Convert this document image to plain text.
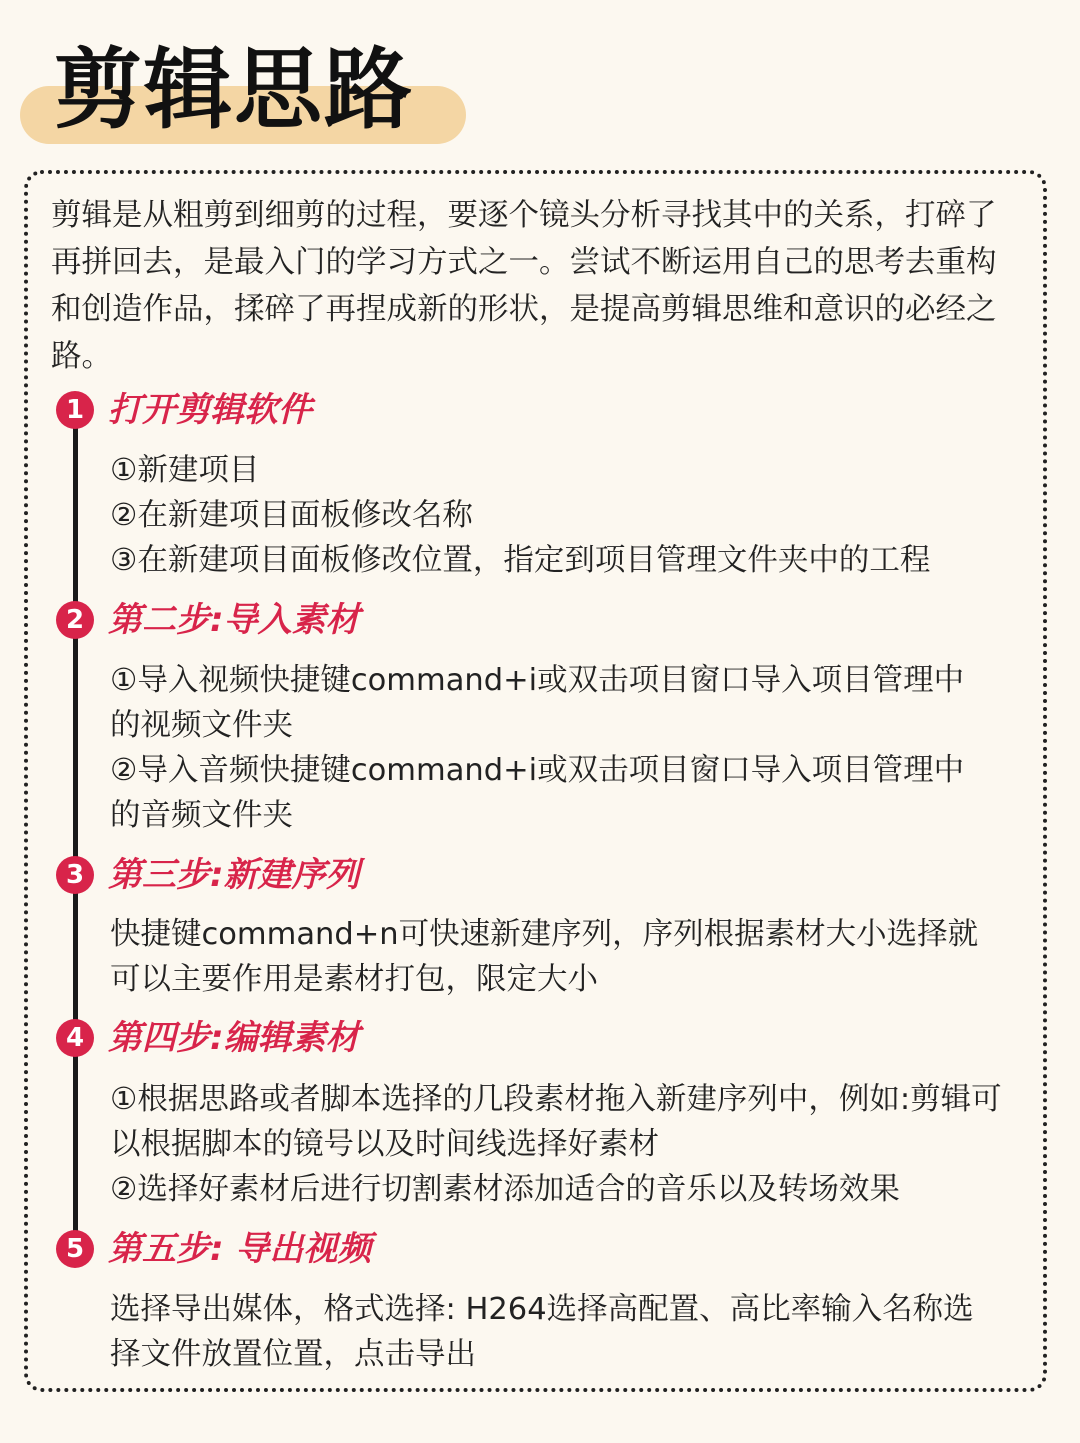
剪辑思路

剪辑是从粗剪到细剪的过程，要逐个镜头分析寻找其中的关系，打碎了再拼回去，是最入门的学习方式之一。尝试不断运用自己的思考去重构和创造作品，揉碎了再捏成新的形状，是提高剪辑思维和意识的必经之路。

1 打开剪辑软件
①新建项目
②在新建项目面板修改名称
③在新建项目面板修改位置，指定到项目管理文件夹中的工程
2 第二步:导入素材
①导入视频快捷键command+i或双击项目窗口导入项目管理中的视频文件夹
②导入音频快捷键command+i或双击项目窗口导入项目管理中的音频文件夹
3 第三步:新建序列
快捷键command+n可快速新建序列，序列根据素材大小选择就可以主要作用是素材打包，限定大小
4 第四步:编辑素材
①根据思路或者脚本选择的几段素材拖入新建序列中，例如:剪辑可以根据脚本的镜号以及时间线选择好素材
②选择好素材后进行切割素材添加适合的音乐以及转场效果
5 第五步: 导出视频
选择导出媒体，格式选择: H264选择高配置、高比率输入名称选择文件放置位置，点击导出
